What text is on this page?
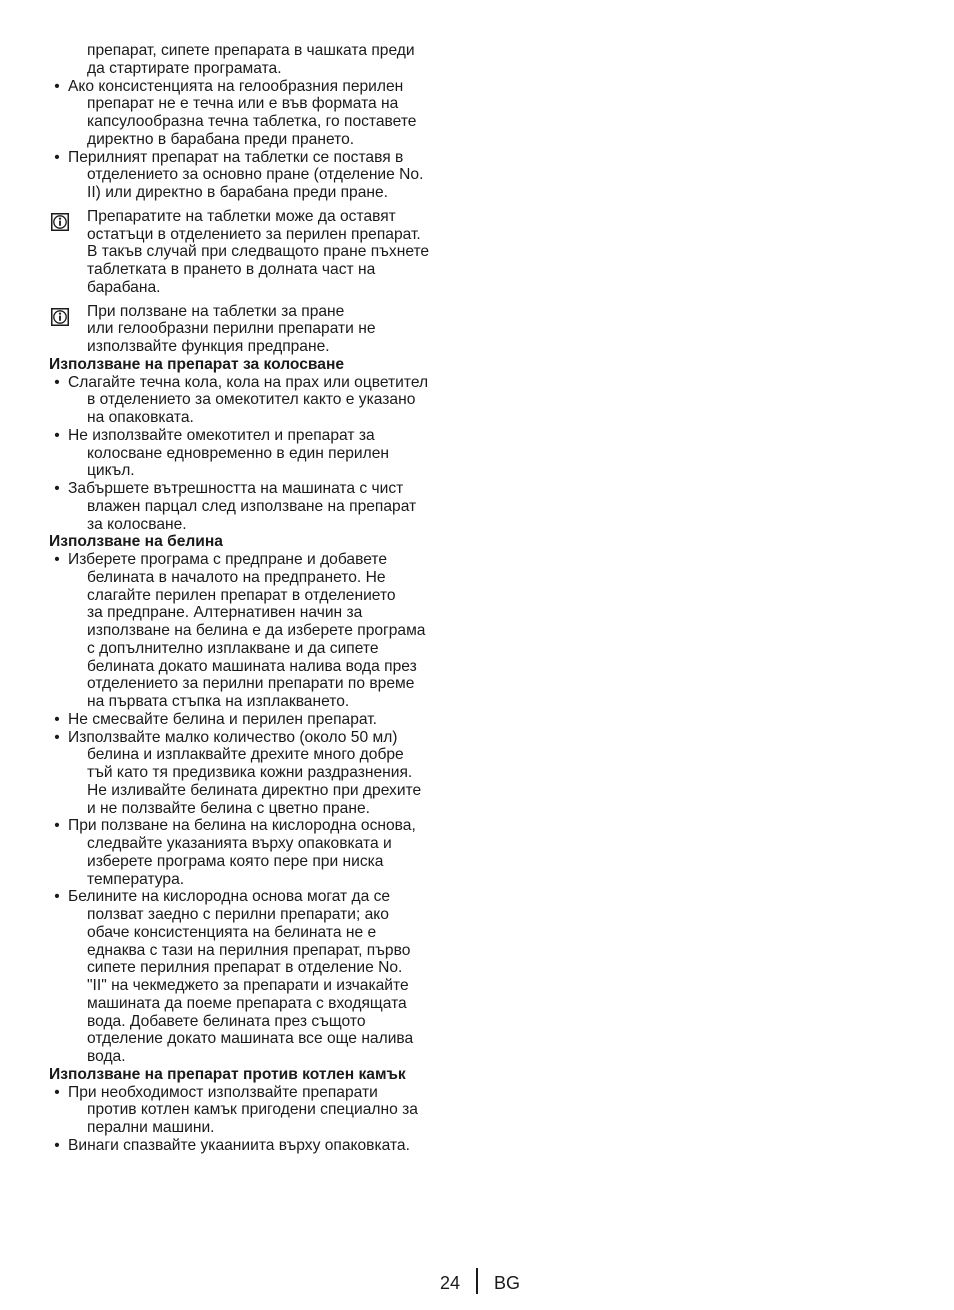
препарат, сипете препарата в чашката преди
да стартирате програмата.
• Ако консистенцията на гелообразния перилен
препарат не е течна или е във формата на
капсулообразна течна таблетка, го поставете
директно в барабана преди прането.
• Перилният препарат на таблетки се поставя в
отделението за основно пране (отделение No.
II) или директно в барабана преди пране.
Препаратите на таблетки може да оставят
остатъци в отделението за перилен препарат.
В такъв случай при следващото пране пъхнете
таблетката в прането в долната част на
барабана.
При ползване на таблетки за пране
или гелообразни перилни препарати не
използвайте функция предпране.
Използване на препарат за колосване
• Слагайте течна кола, кола на прах или оцветител
в отделението за омекотител както е указано
на опаковката.
• Не използвайте омекотител и препарат за
колосване едновременно в един перилен
цикъл.
• Забършете вътрешността на машината с чист
влажен парцал след използване на препарат
за колосване.
Използване на белина
• Изберете програма с предпране и добавете
белината в началото на предпрането. Не
слагайте перилен препарат в отделението
за предпране. Алтернативен начин за
използване на белина е да изберете програма
с допълнително изплакване и да сипете
белината докато машината налива вода през
отделението за перилни препарати по време
на първата стъпка на изплакването.
• Не смесвайте белина и перилен препарат.
• Използвайте малко количество (около 50 мл)
белина и изплаквайте дрехите много добре
тъй като тя предизвика кожни раздразнения.
Не изливайте белината директно при дрехите
и не ползвайте белина с цветно пране.
• При ползване на белина на кислородна основа,
следвайте указанията върху опаковката и
изберете програма която пере при ниска
температура.
• Белините на кислородна основа могат да се
ползват заедно с перилни препарати; ако
обаче консистенцията на белината не е
еднаква с тази на перилния препарат, първо
сипете перилния препарат в отделение No.
"II" на чекмеджето за препарати и изчакайте
машината да поеме препарата с входящата
вода. Добавете белината през същото
отделение докато машината все още налива
вода.
Използване на препарат против котлен камък
• При необходимост използвайте препарати
против котлен камък пригодени специално за
перални машини.
• Винаги спазвайте укааниита върху опаковката.
24 BG
